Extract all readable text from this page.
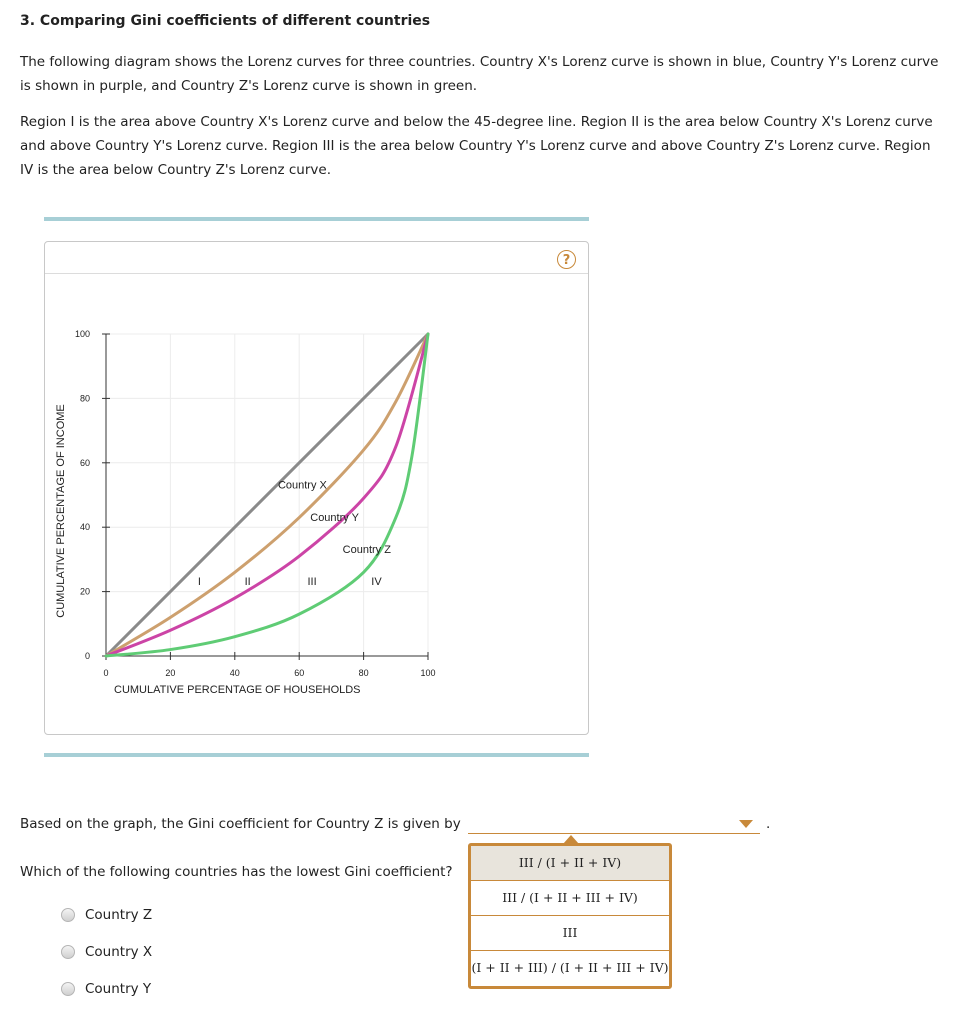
3. Comparing Gini coefficients of different countries

The following diagram shows the Lorenz curves for three countries. Country X's Lorenz curve is shown in blue, Country Y's Lorenz curve is shown in purple, and Country Z's Lorenz curve is shown in green.

Region I is the area above Country X's Lorenz curve and below the 45-degree line. Region II is the area below Country X's Lorenz curve and above Country Y's Lorenz curve. Region III is the area below Country Y's Lorenz curve and above Country Z's Lorenz curve. Region IV is the area below Country Z's Lorenz curve.

?
0	20	40	60	80	100
0
20
40
60
80
100
CUMULATIVE PERCENTAGE OF HOUSEHOLDS
CUMULATIVE PERCENTAGE OF INCOME	Country X
Country Y
Country Z
I	II	III	IV
Based on the graph, the Gini coefficient for Country Z is given by	.
Which of the following countries has the lowest Gini coefficient?
Country Z
Country X
Country Y
III / (I + II + IV)
III / (I + II + III + IV)
III
(I + II + III) / (I + II + III + IV)
